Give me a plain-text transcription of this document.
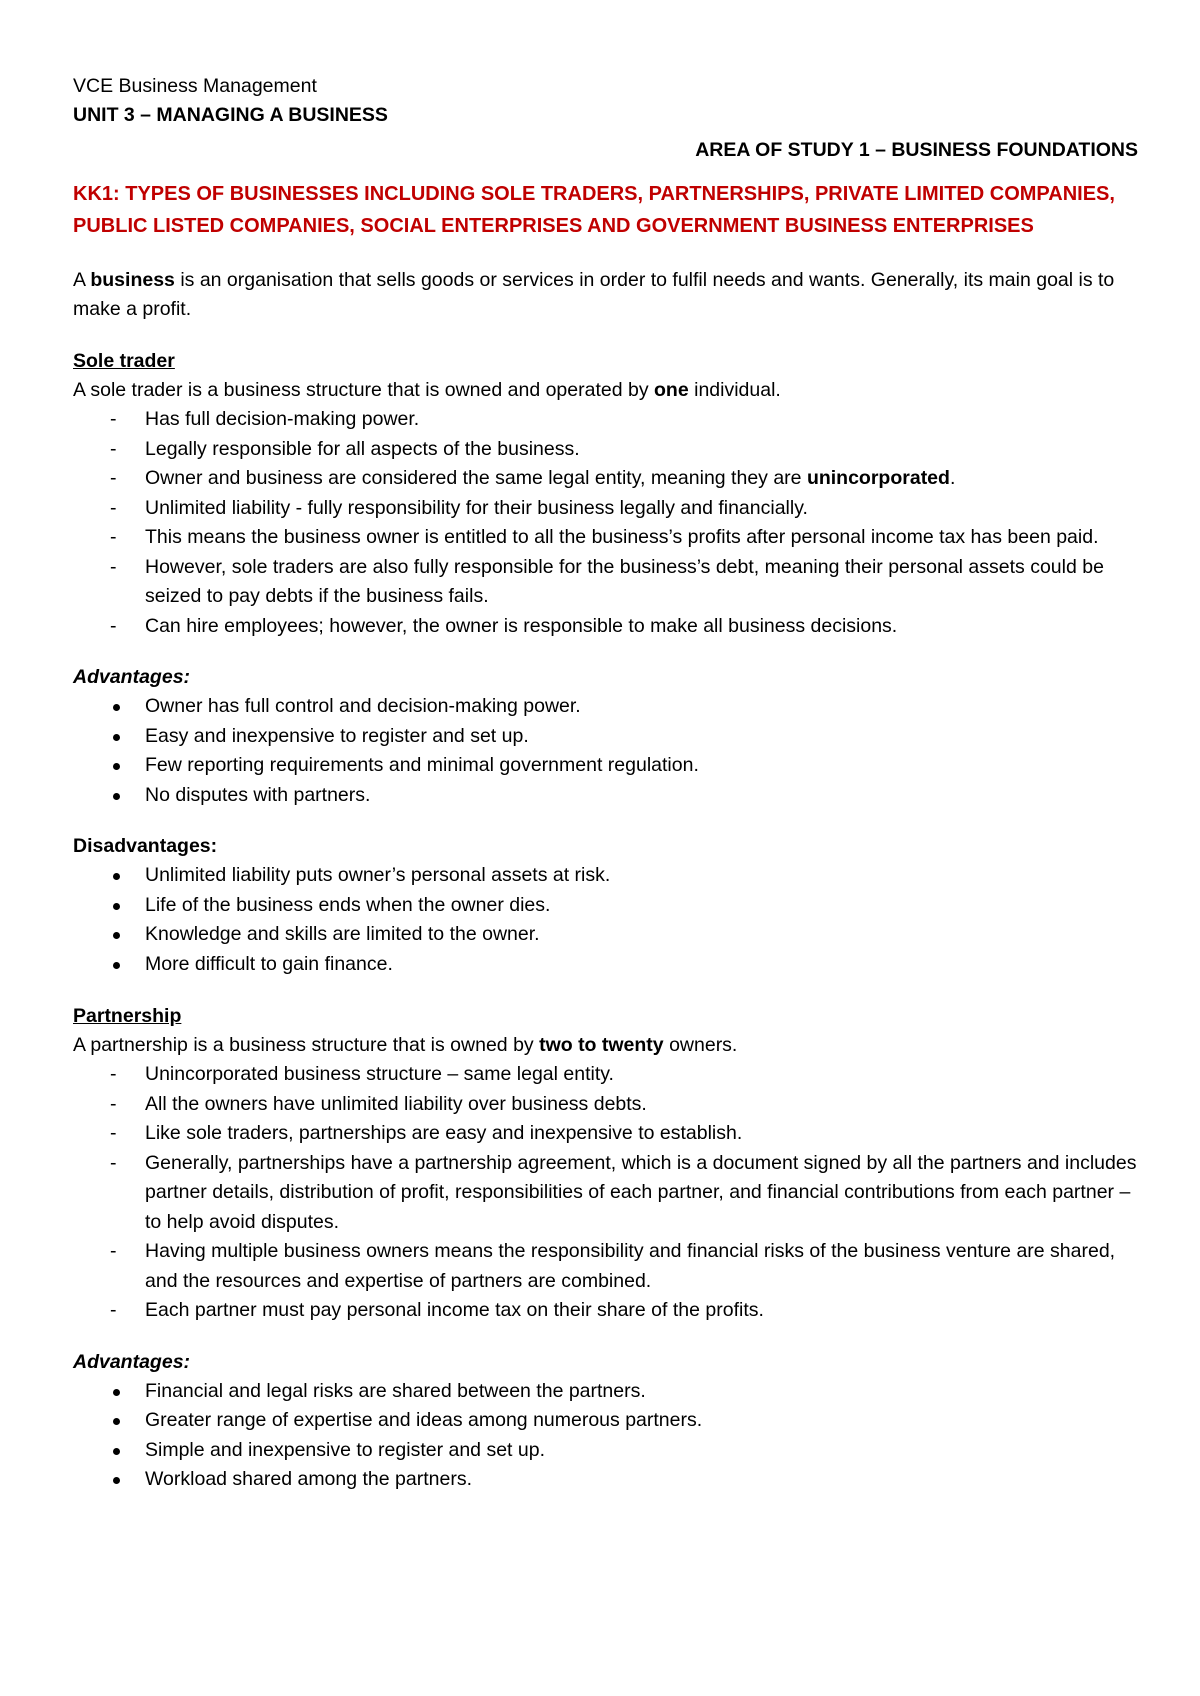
VCE Business Management
UNIT 3 – MANAGING A BUSINESS
AREA OF STUDY 1 – BUSINESS FOUNDATIONS
KK1: TYPES OF BUSINESSES INCLUDING SOLE TRADERS, PARTNERSHIPS, PRIVATE LIMITED COMPANIES, PUBLIC LISTED COMPANIES, SOCIAL ENTERPRISES AND GOVERNMENT BUSINESS ENTERPRISES

A business is an organisation that sells goods or services in order to fulfil needs and wants. Generally, its main goal is to make a profit.

Sole trader
A sole trader is a business structure that is owned and operated by one individual.
- Has full decision-making power.
- Legally responsible for all aspects of the business.
- Owner and business are considered the same legal entity, meaning they are unincorporated.
- Unlimited liability - fully responsibility for their business legally and financially.
- This means the business owner is entitled to all the business’s profits after personal income tax has been paid.
- However, sole traders are also fully responsible for the business’s debt, meaning their personal assets could be seized to pay debts if the business fails.
- Can hire employees; however, the owner is responsible to make all business decisions.
Advantages:
Owner has full control and decision-making power.
Easy and inexpensive to register and set up.
Few reporting requirements and minimal government regulation.
No disputes with partners.
Disadvantages:
Unlimited liability puts owner’s personal assets at risk.
Life of the business ends when the owner dies.
Knowledge and skills are limited to the owner.
More difficult to gain finance.
Partnership
A partnership is a business structure that is owned by two to twenty owners.
- Unincorporated business structure – same legal entity.
- All the owners have unlimited liability over business debts.
- Like sole traders, partnerships are easy and inexpensive to establish.
- Generally, partnerships have a partnership agreement, which is a document signed by all the partners and includes partner details, distribution of profit, responsibilities of each partner, and financial contributions from each partner – to help avoid disputes.
- Having multiple business owners means the responsibility and financial risks of the business venture are shared, and the resources and expertise of partners are combined.
- Each partner must pay personal income tax on their share of the profits.
Advantages:
Financial and legal risks are shared between the partners.
Greater range of expertise and ideas among numerous partners.
Simple and inexpensive to register and set up.
Workload shared among the partners.
